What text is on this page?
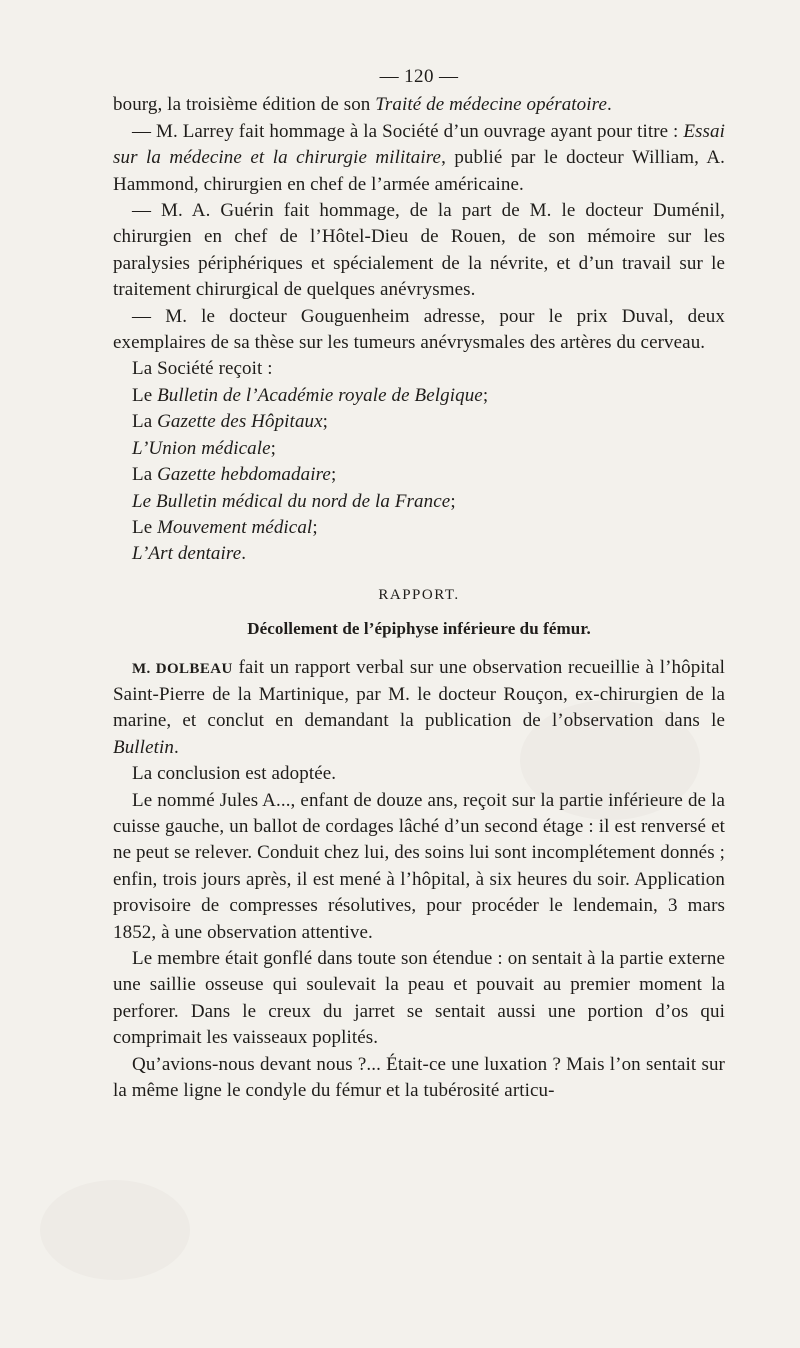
— 120 —

bourg, la troisième édition de son Traité de médecine opératoire.

— M. Larrey fait hommage à la Société d’un ouvrage ayant pour titre : Essai sur la médecine et la chirurgie militaire, publié par le docteur William, A. Hammond, chirurgien en chef de l’armée américaine.

— M. A. Guérin fait hommage, de la part de M. le docteur Duménil, chirurgien en chef de l’Hôtel-Dieu de Rouen, de son mémoire sur les paralysies périphériques et spécialement de la névrite, et d’un travail sur le traitement chirurgical de quelques anévrysmes.

— M. le docteur Gouguenheim adresse, pour le prix Duval, deux exemplaires de sa thèse sur les tumeurs anévrysmales des artères du cerveau.

La Société reçoit :

Le Bulletin de l’Académie royale de Belgique;
La Gazette des Hôpitaux;
L’Union médicale;
La Gazette hebdomadaire;
Le Bulletin médical du nord de la France;
Le Mouvement médical;
L’Art dentaire.

RAPPORT.

Décollement de l’épiphyse inférieure du fémur.

M. DOLBEAU fait un rapport verbal sur une observation recueillie à l’hôpital Saint-Pierre de la Martinique, par M. le docteur Rouçon, ex-chirurgien de la marine, et conclut en demandant la publication de l’observation dans le Bulletin.

La conclusion est adoptée.

Le nommé Jules A..., enfant de douze ans, reçoit sur la partie inférieure de la cuisse gauche, un ballot de cordages lâché d’un second étage : il est renversé et ne peut se relever. Conduit chez lui, des soins lui sont incomplétement donnés ; enfin, trois jours après, il est mené à l’hôpital, à six heures du soir. Application provisoire de compresses résolutives, pour procéder le lendemain, 3 mars 1852, à une observation attentive.

Le membre était gonflé dans toute son étendue : on sentait à la partie externe une saillie osseuse qui soulevait la peau et pouvait au premier moment la perforer. Dans le creux du jarret se sentait aussi une portion d’os qui comprimait les vaisseaux poplités.

Qu’avions-nous devant nous ?... Était-ce une luxation ? Mais l’on sentait sur la même ligne le condyle du fémur et la tubérosité articu-
